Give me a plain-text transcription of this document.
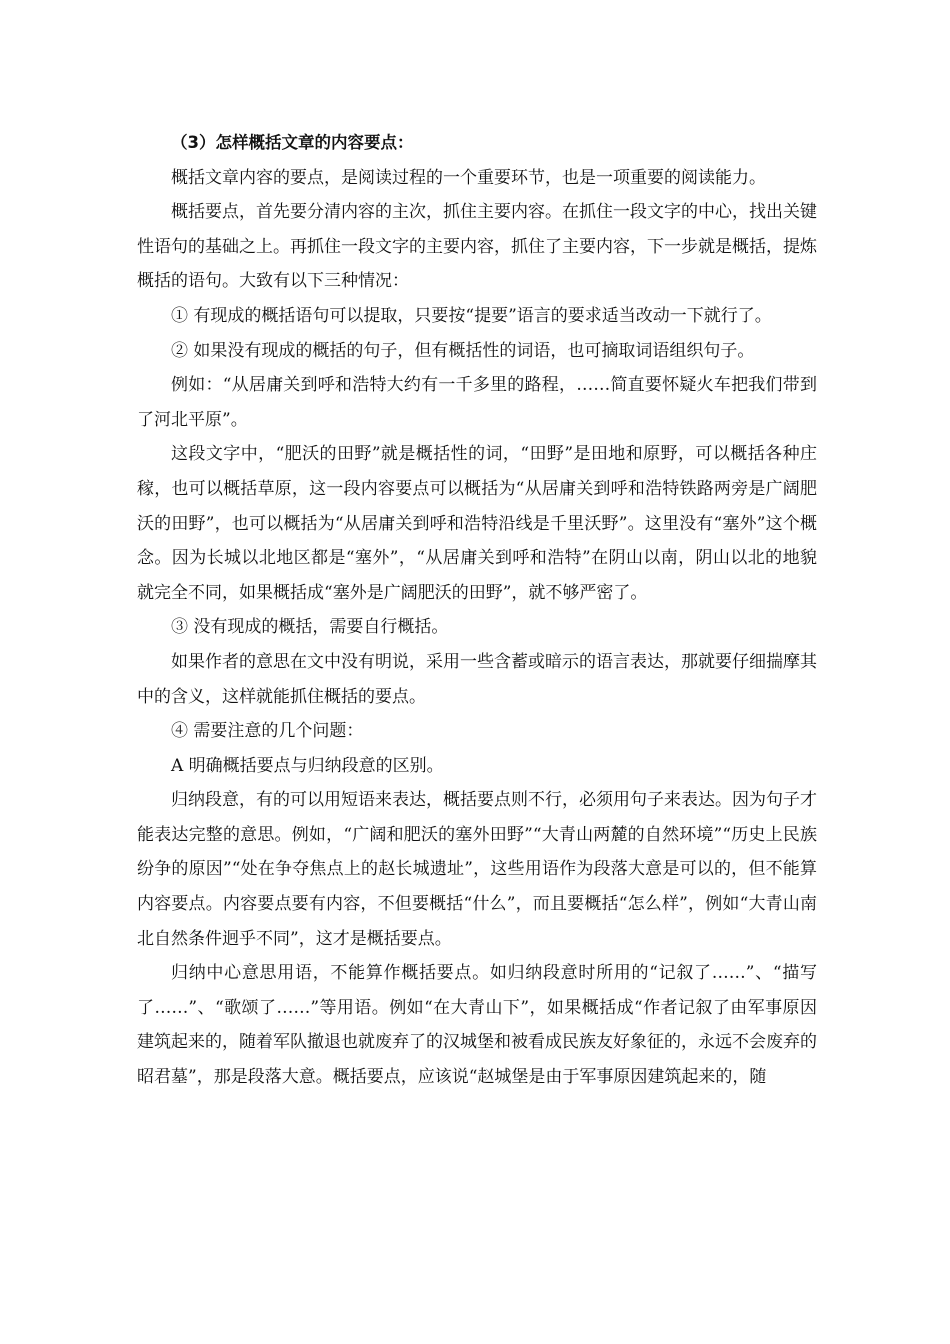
（3）怎样概括文章的内容要点：

概括文章内容的要点，是阅读过程的一个重要环节，也是一项重要的阅读能力。

概括要点，首先要分清内容的主次，抓住主要内容。在抓住一段文字的中心，找出关键性语句的基础之上。再抓住一段文字的主要内容，抓住了主要内容，下一步就是概括，提炼概括的语句。大致有以下三种情况：

① 有现成的概括语句可以提取，只要按“提要”语言的要求适当改动一下就行了。

② 如果没有现成的概括的句子，但有概括性的词语，也可摘取词语组织句子。

例如：“从居庸关到呼和浩特大约有一千多里的路程，……简直要怀疑火车把我们带到了河北平原”。

这段文字中，“肥沃的田野”就是概括性的词，“田野”是田地和原野，可以概括各种庄稼，也可以概括草原，这一段内容要点可以概括为“从居庸关到呼和浩特铁路两旁是广阔肥沃的田野”，也可以概括为“从居庸关到呼和浩特沿线是千里沃野”。这里没有“塞外”这个概念。因为长城以北地区都是“塞外”，“从居庸关到呼和浩特”在阴山以南，阴山以北的地貌就完全不同，如果概括成“塞外是广阔肥沃的田野”，就不够严密了。

③ 没有现成的概括，需要自行概括。

如果作者的意思在文中没有明说，采用一些含蓄或暗示的语言表达，那就要仔细揣摩其中的含义，这样就能抓住概括的要点。

④ 需要注意的几个问题：

A 明确概括要点与归纳段意的区别。

归纳段意，有的可以用短语来表达，概括要点则不行，必须用句子来表达。因为句子才能表达完整的意思。例如，“广阔和肥沃的塞外田野”“大青山两麓的自然环境”“历史上民族纷争的原因”“处在争夺焦点上的赵长城遗址”，这些用语作为段落大意是可以的，但不能算内容要点。内容要点要有内容，不但要概括“什么”，而且要概括“怎么样”，例如“大青山南北自然条件迥乎不同”，这才是概括要点。

归纳中心意思用语，不能算作概括要点。如归纳段意时所用的“记叙了……”、“描写了……”、“歌颂了……”等用语。例如“在大青山下”，如果概括成“作者记叙了由军事原因建筑起来的，随着军队撤退也就废弃了的汉城堡和被看成民族友好象征的，永远不会废弃的昭君墓”，那是段落大意。概括要点，应该说“赵城堡是由于军事原因建筑起来的，随
